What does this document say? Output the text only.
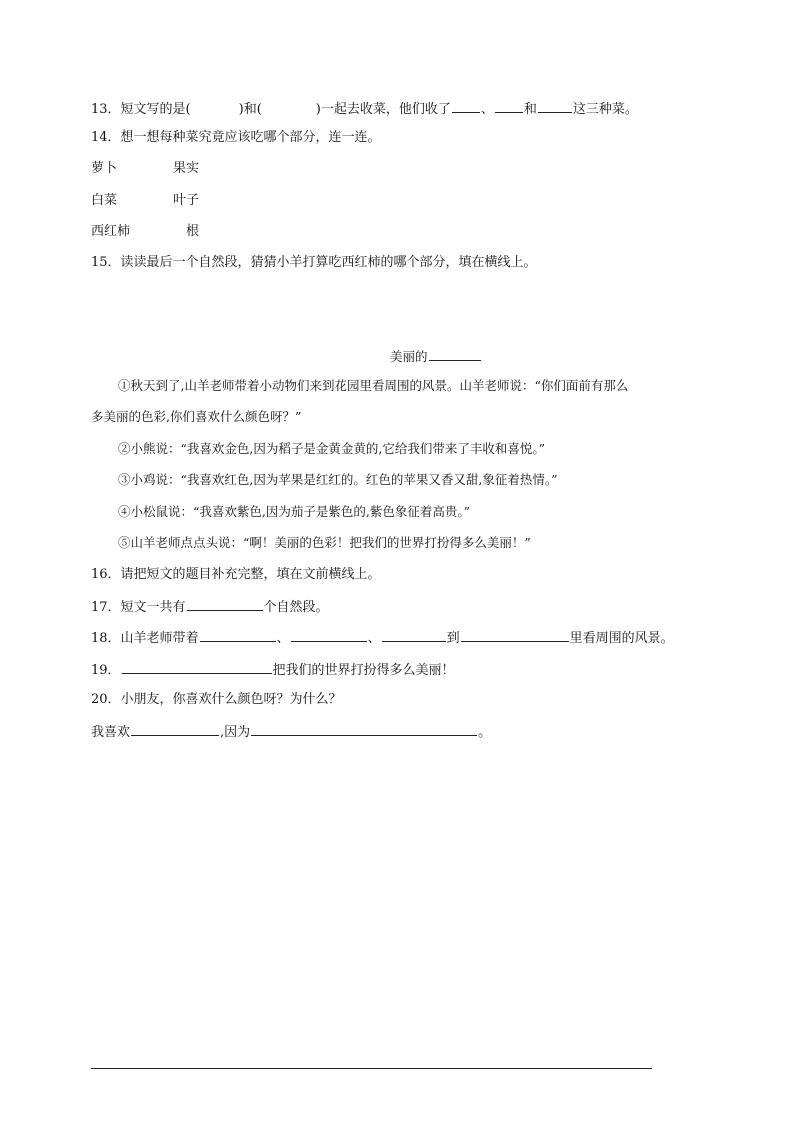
13．短文写的是(	)和(	)一起去收菜，他们收了 、 和	这三种菜。
14．想一想每种菜究竟应该吃哪个部分，连一连。
萝卜	果实
白菜	叶子
西红柿	根
15．读读最后一个自然段，猜猜小羊打算吃西红柿的哪个部分，填在横线上。
美丽的
①秋天到了,山羊老师带着小动物们来到花园里看周围的风景。山羊老师说：“你们面前有那么
多美丽的色彩,你们喜欢什么颜色呀？”
②小熊说：“我喜欢金色,因为稻子是金黄金黄的,它给我们带来了丰收和喜悦。”
③小鸡说：“我喜欢红色,因为苹果是红红的。红色的苹果又香又甜,象征着热情。”
④小松鼠说：“我喜欢紫色,因为茄子是紫色的,紫色象征着高贵。”
⑤山羊老师点点头说：“啊！美丽的色彩！把我们的世界打扮得多么美丽！”
16．请把短文的题目补充完整，填在文前横线上。
17．短文一共有	个自然段。
18．山羊老师带着	、	、	到	里看周围的风景。
19．	把我们的世界打扮得多么美丽！
20．小朋友，你喜欢什么颜色呀？为什么？
我喜欢	,因为	。
